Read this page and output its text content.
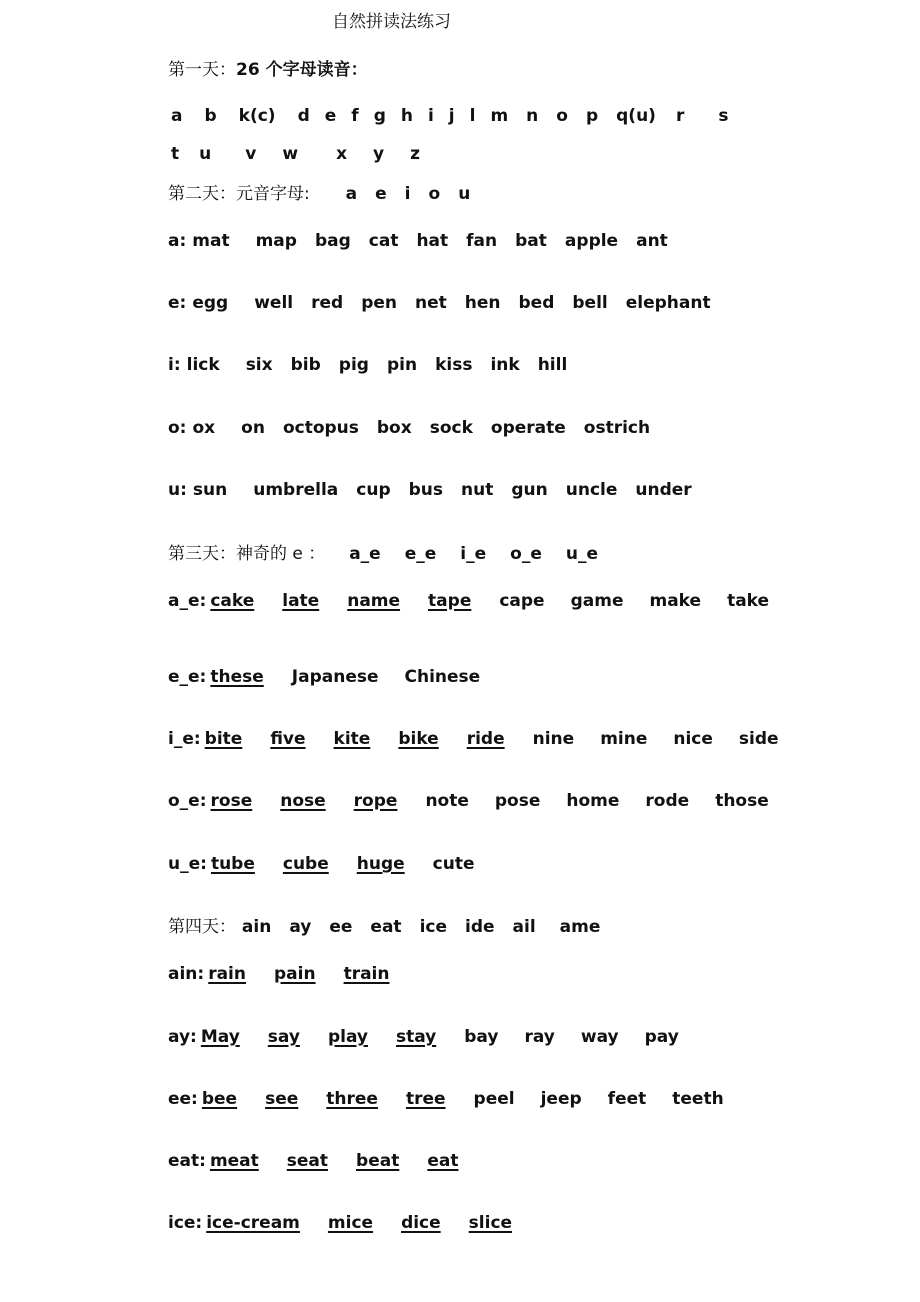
自然拼读法练习
第一天：26 个字母读音：
a b k(c) d e f g h i j l m n o p q(u) r s
t u v w x y z
第二天：元音字母: a e i o u
a: mat map bag cat hat fan bat apple ant
e: egg well red pen net hen bed bell elephant
i: lick six bib pig pin kiss ink hill
o: ox on octopus box sock operate ostrich
u: sun umbrella cup bus nut gun uncle under
第三天：神奇的 e ： a_e e_e i_e o_e u_e
a_e: cake late name tape cape game make take
e_e: these Japanese Chinese
i_e: bite five kite bike ride nine mine nice side
o_e: rose nose rope note pose home rode those
u_e: tube cube huge cute
第四天： ain ay ee eat ice ide ail ame
ain: rain pain train
ay: May say play stay bay ray way pay
ee: bee see three tree peel jeep feet teeth
eat: meat seat beat eat
ice: ice-cream mice dice slice
